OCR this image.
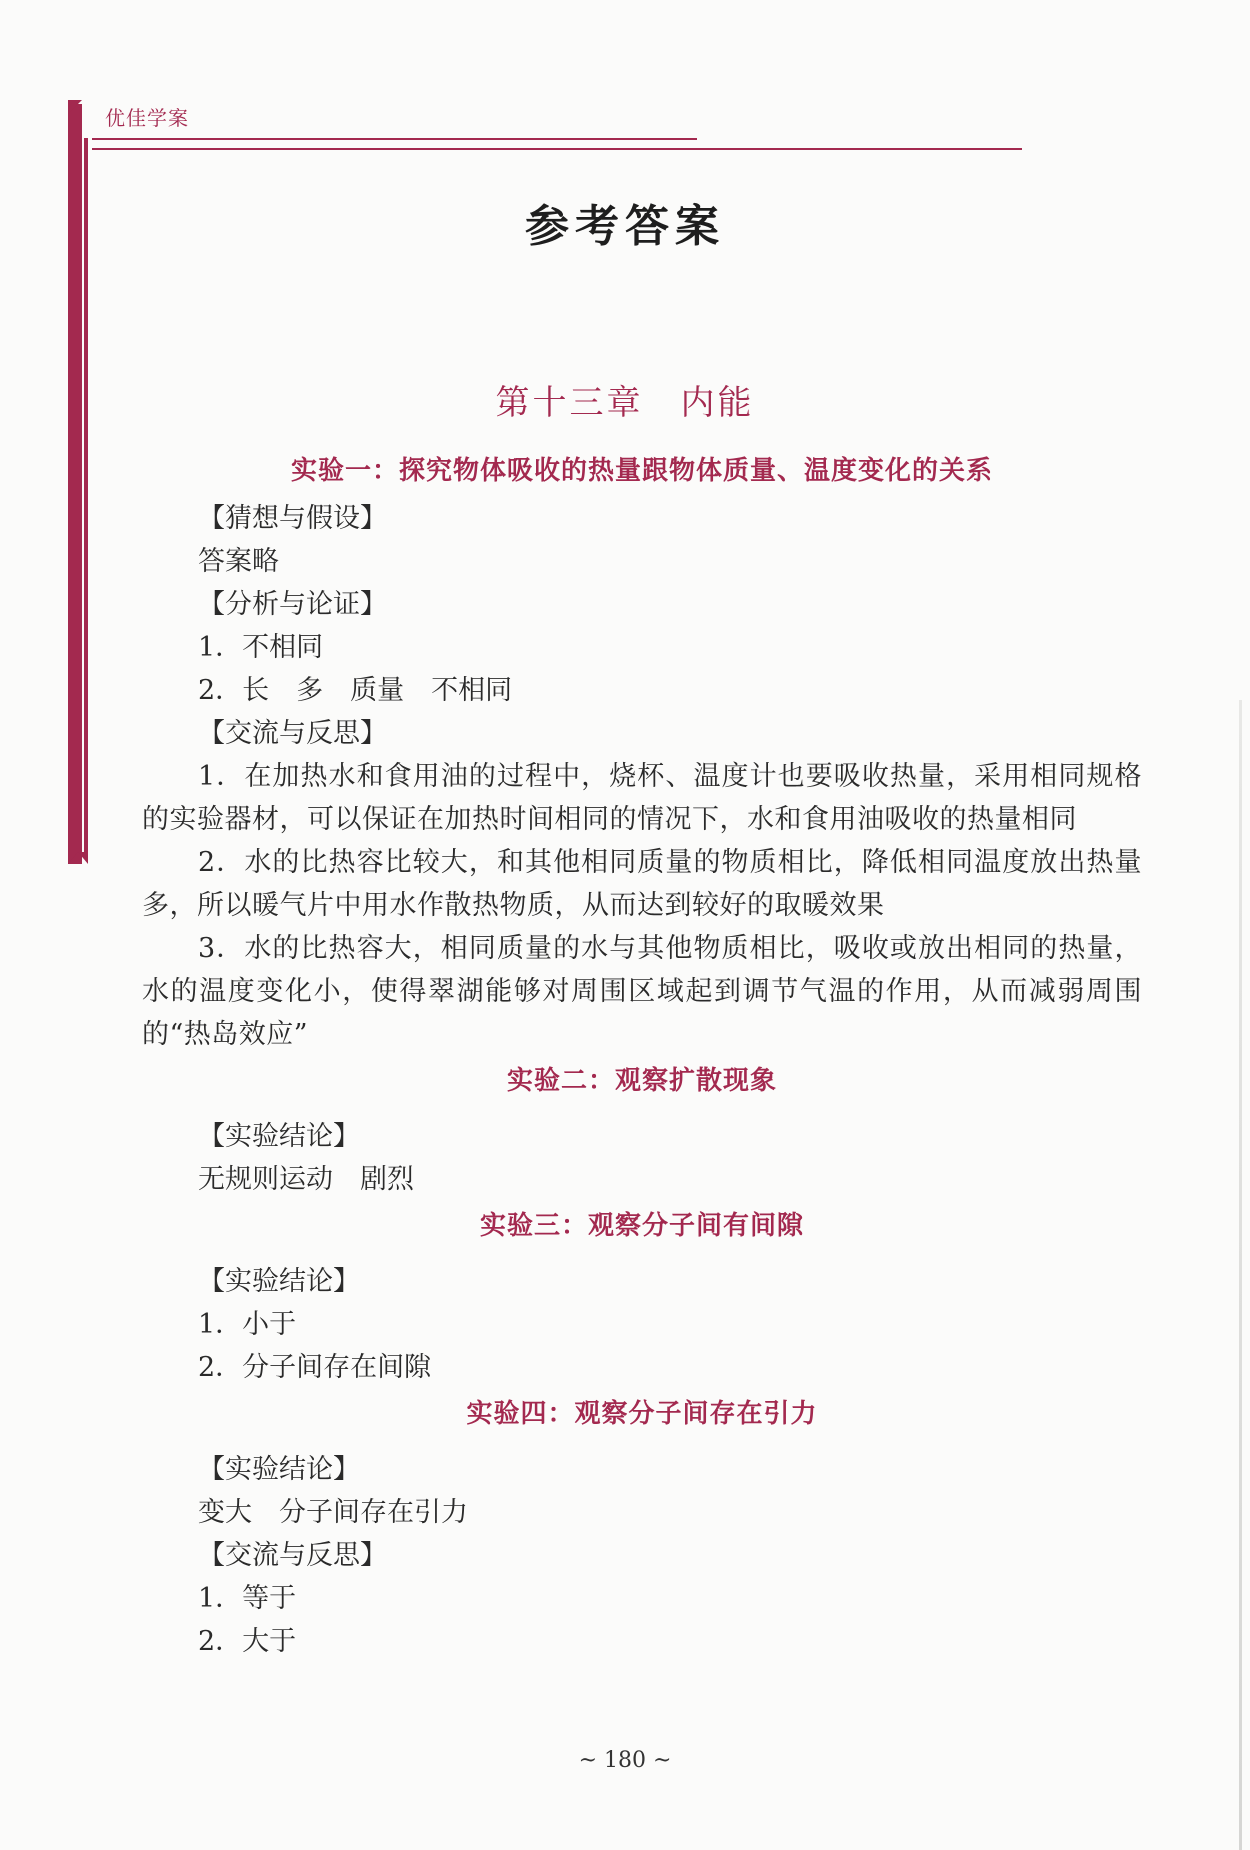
优佳学案
参考答案
第十三章　内能
实验一：探究物体吸收的热量跟物体质量、温度变化的关系
【猜想与假设】
答案略
【分析与论证】
1．不相同
2．长　多　质量　不相同
【交流与反思】
1．在加热水和食用油的过程中，烧杯、温度计也要吸收热量，采用相同规格的实验器材，可以保证在加热时间相同的情况下，水和食用油吸收的热量相同
2．水的比热容比较大，和其他相同质量的物质相比，降低相同温度放出热量多，所以暖气片中用水作散热物质，从而达到较好的取暖效果
3．水的比热容大，相同质量的水与其他物质相比，吸收或放出相同的热量，水的温度变化小，使得翠湖能够对周围区域起到调节气温的作用，从而减弱周围的“热岛效应”
实验二：观察扩散现象
【实验结论】
无规则运动　剧烈
实验三：观察分子间有间隙
【实验结论】
1．小于
2．分子间存在间隙
实验四：观察分子间存在引力
【实验结论】
变大　分子间存在引力
【交流与反思】
1．等于
2．大于
~ 180 ~
